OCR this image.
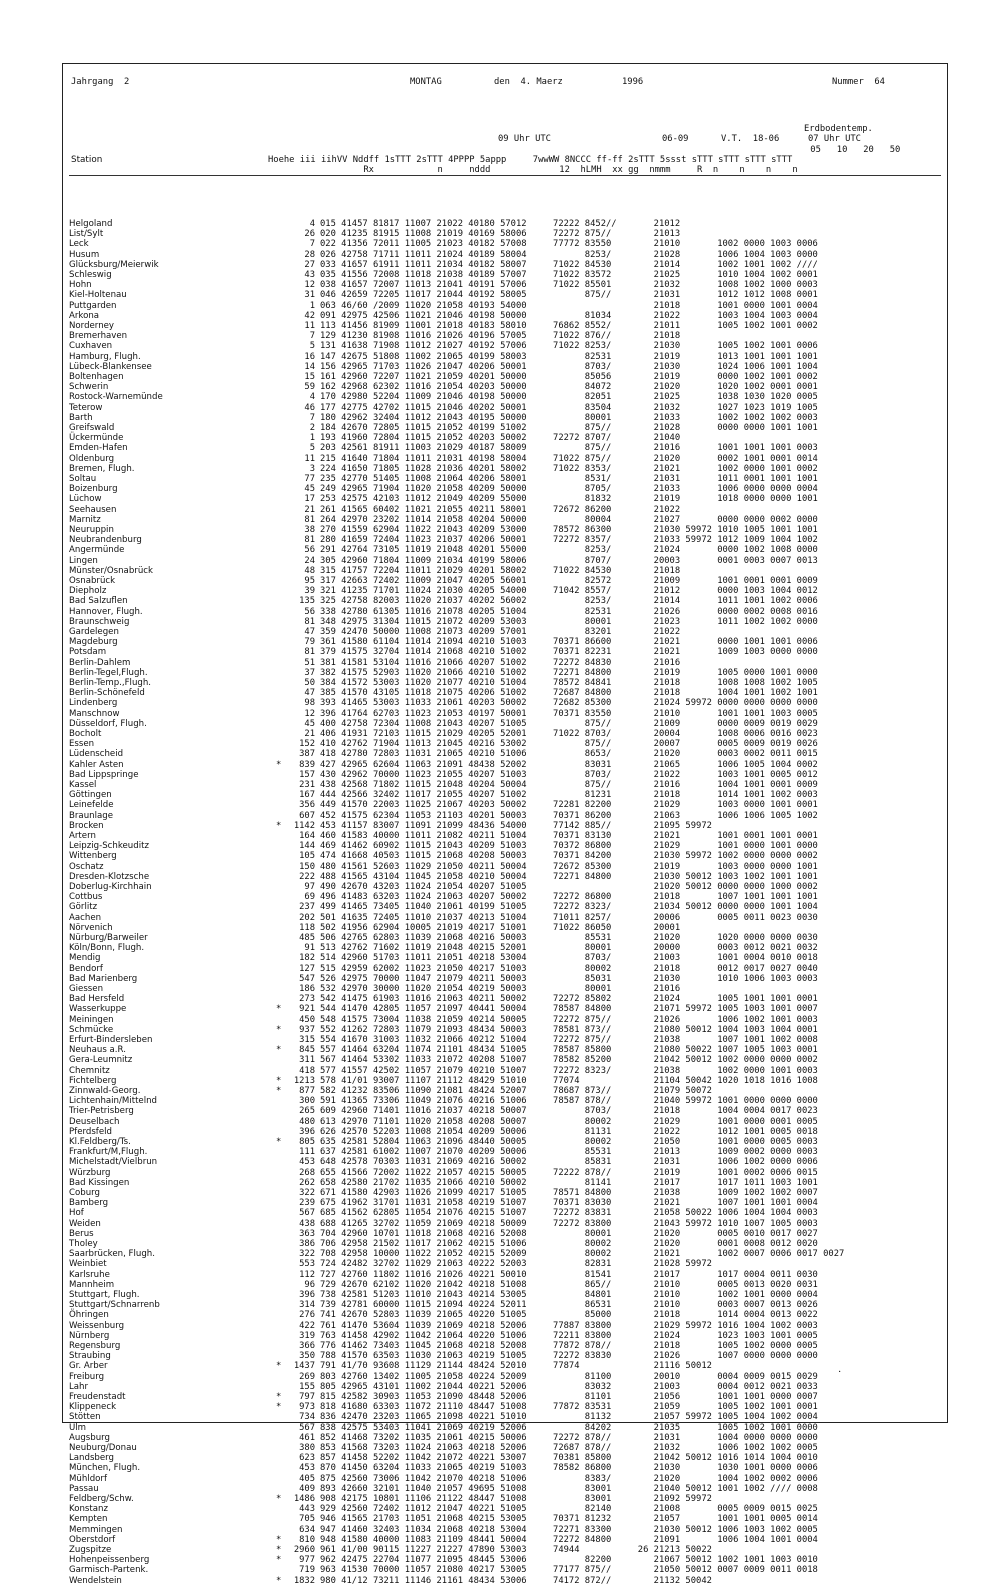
Jahrgang  2	MONTAG	den  4. Maerz	1996	Nummer  64
Erdbodentemp.
09 Uhr UTC	06-09	V.T.  18-06	07 Uhr UTC
05   10   20   50
Station	Hoehe iii iihVV Nddff 1sTTT 2sTTT 4PPPP 5appp     7wwWW 8NCCC ff-ff 2sTTT 5ssst sTTT sTTT sTTT sTTT
Rx            n     nddd             12  hLMH  xx gg  nmmm     R  n    n    n    n
Helgoland	4 015 41457 81817 11007 21022 40180 57012     72222 8452//       21012
List/Sylt	26 020 41235 81915 11008 21019 40169 58006     72272 875//        21013
Leck	7 022 41356 72011 11005 21023 40182 57008     77772 83550        21010       1002 0000 1003 0006
Husum	28 026 42758 71711 11011 21024 40189 58004           8253/        21028       1006 1004 1003 0000
Glücksburg/Meierwik	27 033 41657 61911 11011 21034 40182 58007     71022 84530        21014       1002 1001 1002 ////
Schleswig	43 035 41556 72008 11018 21038 40189 57007     71022 83572        21025       1010 1004 1002 0001
Hohn	12 038 41657 72007 11013 21041 40191 57006     71022 85501        21032       1008 1002 1000 0003
Kiel-Holtenau	31 046 42659 72205 11017 21044 40192 58005           875//        21031       1012 1012 1008 0001
Puttgarden	1 063 46/60 /2009 11020 21058 40193 54000                        21018       1001 0000 1001 0004
Arkona	42 091 42975 42506 11021 21046 40198 50000           81034        21022       1003 1004 1003 0004
Norderney	11 113 41456 81909 11001 21018 40183 58010     76862 8552/        21011       1005 1002 1001 0002
Bremerhaven	7 129 41230 81908 11016 21026 40196 57005     71022 876//        21018
Cuxhaven	5 131 41638 71908 11012 21027 40192 57006     71022 8253/        21030       1005 1002 1001 0006
Hamburg, Flugh.	16 147 42675 51808 11002 21065 40199 58003           82531        21019       1013 1001 1001 1001
Lübeck-Blankensee	14 156 42965 71703 11026 21047 40206 50001           8703/        21030       1024 1006 1001 1004
Boltenhagen	15 161 42960 72207 11021 21059 40201 50000           85056        21019       0000 1002 1001 0002
Schwerin	59 162 42968 62302 11016 21054 40203 50000           84072        21020       1020 1002 0001 0001
Rostock-Warnemünde	4 170 42980 52204 11009 21046 40198 50000           82051        21025       1038 1030 1020 0005
Teterow	46 177 42775 42702 11015 21046 40202 50001           83504        21032       1027 1023 1019 1005
Barth	7 180 42962 32404 11012 21043 40195 50000           80001        21033       1002 1002 1002 0003
Greifswald	2 184 42670 72805 11015 21052 40199 51002           875//        21028       0000 0000 1001 1001
Ückermünde	1 193 41960 72804 11015 21052 40203 50002     72272 8707/        21040
Emden-Hafen	5 203 42561 81911 11003 21029 40187 58009           875//        21016       1001 1001 1001 0003
Oldenburg	11 215 41640 71804 11011 21031 40198 58004     71022 875//        21020       0002 1001 0001 0014
Bremen, Flugh.	3 224 41650 71805 11028 21036 40201 58002     71022 8353/        21021       1002 0000 1001 0002
Soltau	77 235 42770 51405 11008 21064 40206 58001           8531/        21031       1011 0001 1001 1001
Boizenburg	45 249 42965 71904 11020 21058 40209 50000           8705/        21033       1006 0000 0000 0004
Lüchow	17 253 42575 42103 11012 21049 40209 55000           81832        21019       1018 0000 0000 1001
Seehausen	21 261 41565 60402 11021 21055 40211 58001     72672 86200        21022
Marnitz	81 264 42970 23202 11014 21058 40204 50000           80004        21027       0000 0000 0002 0000
Neuruppin	38 270 41559 62904 11022 21043 40209 53000     78572 86300        21030 59972 1010 1005 1001 1001
Neubrandenburg	81 280 41659 72404 11023 21037 40206 50001     72272 8357/        21033 59972 1012 1009 1004 1002
Angermünde	56 291 42764 73105 11019 21048 40201 55000           8253/        21024       0000 1002 1008 0000
Lingen	24 305 42960 71804 11009 21034 40199 58006           8707/        20003       0001 0003 0007 0013
Münster/Osnabrück	48 315 41757 72204 11011 21029 40201 58002     71022 84530        21018
Osnabrück	95 317 42663 72402 11009 21047 40205 56001           82572        21009       1001 0001 0001 0009
Diepholz	39 321 41235 71701 11024 21030 40205 54000     71042 8557/        21012       0000 1003 1004 0012
Bad Salzuflen	135 325 42758 82003 11020 21037 40202 56002           8253/        21014       1011 1001 1002 0006
Hannover, Flugh.	56 338 42780 61305 11016 21078 40205 51004           82531        21026       0000 0002 0008 0016
Braunschweig	81 348 42975 31304 11015 21072 40209 53003           80001        21023       1011 1002 1002 0000
Gardelegen	47 359 42470 50000 11008 21073 40209 57001           83201        21022
Magdeburg	79 361 41580 61104 11014 21094 40210 51003     70371 86600        21021       0000 1001 1001 0006
Potsdam	81 379 41575 32704 11014 21068 40210 51002     70371 82231        21021       1009 1003 0000 0000
Berlin-Dahlem	51 381 41581 53104 11016 21066 40207 51002     72272 84830        21016
Berlin-Tegel,Flugh.	37 382 41575 52903 11020 21066 40210 51002     72271 84800        21019       1005 0000 1001 0000
Berlin-Temp.,Flugh.	50 384 41572 53003 11020 21077 40210 51004     78572 84841        21018       1008 1008 1002 1005
Berlin-Schönefeld	47 385 41570 43105 11018 21075 40206 51002     72687 84800        21018       1004 1001 1002 1001
Lindenberg	98 393 41465 53003 11033 21061 40203 50002     72682 85300        21024 59972 0000 0000 0000 0000
Manschnow	12 396 41764 62703 11023 21053 40197 50001     70371 83550        21010       1001 1001 1003 0005
Düsseldorf, Flugh.	45 400 42758 72304 11008 21043 40207 51005           875//        21009       0000 0009 0019 0029
Bocholt	21 406 41931 72103 11015 21029 40205 52001     71022 8703/        20004       1008 0006 0016 0023
Essen	152 410 42762 71904 11013 21045 40216 53002           875//        20007       0005 0009 0019 0026
Lüdenscheid	387 418 42780 72803 11031 21065 40210 51006           8653/        21020       0003 0002 0011 0015
Kahler Asten	*	839 427 42965 62604 11063 21091 48438 52002           83031        21065       1006 1005 1004 0002
Bad Lippspringe	157 430 42962 70000 11023 21055 40207 51003           8703/        21022       1003 1001 0005 0012
Kassel	231 438 42568 71802 11015 21048 40204 50004           875//        21016       1004 1001 0001 0009
Göttingen	167 444 42566 32402 11017 21055 40207 51002           81231        21018       1014 1001 1002 0003
Leinefelde	356 449 41570 22003 11025 21067 40203 50002     72281 82200        21029       1003 0000 1001 0001
Braunlage	607 452 41575 62304 11053 21103 40201 50003     70371 86200        21063       1006 1006 1005 1002
Brocken	*	1142 453 41157 83007 11091 21099 48436 54000     77142 885//        21095 59972
Artern	164 460 41583 40000 11011 21082 40211 51004     70371 83130        21021       1001 0001 1001 0001
Leipzig-Schkeuditz	144 469 41462 60902 11015 21043 40209 51003     70372 86800        21029       1001 0000 1001 0000
Wittenberg	105 474 41668 40503 11015 21068 40208 50003     70371 84200        21030 59972 1002 0000 0000 0002
Oschatz	150 480 41561 52603 11029 21050 40211 50004     72672 85300        21019       1003 0000 0000 1001
Dresden-Klotzsche	222 488 41565 43104 11045 21058 40210 50004     72271 84800        21030 50012 1003 1002 1001 1001
Doberlug-Kirchhain	97 490 42670 43203 11024 21054 40207 51005                        21020 50012 0000 0000 1000 0002
Cottbus	69 496 41483 63203 11024 21063 40207 50002     72272 86800        21018       1007 1001 1001 1001
Görlitz	237 499 41465 73405 11040 21061 40199 51005     72272 8323/        21034 50012 0000 0000 1001 1004
Aachen	202 501 41635 72405 11010 21037 40213 51004     71011 8257/        20006       0005 0011 0023 0030
Nörvenich	118 502 41956 62904 10005 21019 40217 51001     71022 86050        20001
Nürburg/Barweiler	485 506 42765 62803 11039 21068 40216 50003           85531        21020       1020 0000 0000 0030
Köln/Bonn, Flugh.	91 513 42762 71602 11019 21048 40215 52001           80001        20000       0003 0012 0021 0032
Mendig	182 514 42960 51703 11011 21051 40218 53004           8703/        21003       1001 0004 0010 0018
Bendorf	127 515 42959 62002 11023 21050 40217 51003           80002        21018       0012 0017 0027 0040
Bad Marienberg	547 526 42975 70000 11047 21079 40211 50003           85031        21030       1010 1006 1003 0003
Giessen	186 532 42970 30000 11020 21054 40219 50003           80001        21016
Bad Hersfeld	273 542 41475 61903 11016 21063 40211 50002     72272 85802        21024       1005 1001 1001 0001
Wasserkuppe	*	921 544 41470 42805 11057 21097 40441 50004     78587 84800        21071 59972 1005 1003 1001 0007
Meiningen	450 548 41575 73004 11038 21059 40214 50005     72272 875//        21026       1006 1002 1001 0003
Schmücke	*	937 552 41262 72803 11079 21093 48434 50003     78581 873//        21080 50012 1004 1003 1004 0001
Erfurt-Bindersleben	315 554 41670 31003 11032 21066 40212 51004     72272 875//        21038       1007 1001 1002 0008
Neuhaus a.R.	*	845 557 41464 63204 11074 21101 48434 51005     78587 85800        21080 50022 1007 1005 1003 0001
Gera-Leumnitz	311 567 41464 53302 11033 21072 40208 51007     78582 85200        21042 50012 1002 0000 0000 0002
Chemnitz	418 577 41557 42502 11057 21079 40210 51007     72272 8323/        21038       1002 0000 1001 0003
Fichtelberg	*	1213 578 41/01 93007 11107 21112 48429 51010     77074              21104 50042 1020 1018 1016 1008
Zinnwald-Georg.	*	877 582 41232 83506 11090 21081 48424 52007     78687 873//        21079 50072
Lichtenhain/Mittelnd	300 591 41365 73306 11049 21076 40216 51006     78587 878//        21040 59972 1001 0000 0000 0000
Trier-Petrisberg	265 609 42960 71401 11016 21037 40218 50007           8703/        21018       1004 0004 0017 0023
Deuselbach	480 613 42970 71101 11020 21058 40208 50007           80002        21029       1001 0000 0001 0005
Pferdsfeld	396 626 42570 52203 11008 21054 40209 50006           81131        21022       1012 1001 0005 0018
Kl.Feldberg/Ts.	*	805 635 42581 52804 11063 21096 48440 50005           80002        21050       1001 0000 0005 0003
Frankfurt/M,Flugh.	111 637 42581 61002 11007 21070 40209 50006           85531        21013       1009 0002 0000 0003
Michelstadt/Vielbrun	453 648 42578 70303 11031 21069 40216 50002           85831        21031       1006 1002 0000 0006
Würzburg	268 655 41566 72002 11022 21057 40215 50005     72222 878//        21019       1001 0002 0006 0015
Bad Kissingen	262 658 42580 21702 11035 21066 40210 50002           81141        21017       1017 1011 1003 1001
Coburg	322 671 41580 42903 11026 21099 40217 51005     78571 84800        21038       1009 1002 1002 0007
Bamberg	239 675 41962 31701 11031 21058 40219 51007     70371 83030        21021       1007 1001 1001 0004
Hof	567 685 41562 62805 11054 21076 40215 51007     72272 83831        21058 50022 1006 1004 1004 0003
Weiden	438 688 41265 32702 11059 21069 40218 50009     72272 83800        21043 59972 1010 1007 1005 0003
Berus	363 704 42960 10701 11018 21068 40216 52008           80001        21020       0005 0010 0017 0027
Tholey	386 706 42958 21502 11017 21062 40215 51006           80002        21020       0001 0008 0012 0020
Saarbrücken, Flugh.	322 708 42958 10000 11022 21052 40215 52009           80002        21021       1002 0007 0006 0017 0027
Weinbiet	553 724 42482 32702 11029 21063 40222 52003           82831        21028 59972
Karlsruhe	112 727 42760 11802 11016 21026 40221 50010           81541        21017       1017 0004 0011 0030
Mannheim	96 729 42670 62102 11020 21042 40218 51008           865//        21010       0005 0013 0020 0031
Stuttgart, Flugh.	396 738 42581 51203 11010 21043 40214 53005           84801        21010       1002 1001 0000 0004
Stuttgart/Schnarrenb	314 739 42781 60000 11015 21094 40224 52011           86531        21010       0003 0007 0013 0026
Öhringen	276 741 42670 52803 11039 21065 40220 51005           85000        21018       1014 0004 0013 0022
Weissenburg	422 761 41470 53604 11039 21069 40218 52006     77887 83800        21029 59972 1016 1004 1002 0003
Nürnberg	319 763 41458 42902 11042 21064 40220 51006     72211 83800        21024       1023 1003 1001 0005
Regensburg	366 776 41462 73403 11045 21068 40218 52008     77872 878//        21018       1005 1002 0000 0005
Straubing	350 788 41570 63503 11030 21063 40219 51005     72272 83830        21026       1007 0000 0000 0000
Gr. Arber	*	1437 791 41/70 93608 11129 21144 48424 52010     77874              21116 50012
Freiburg	269 803 42760 13402 11005 21058 40224 52009           81100        20010       0004 0009 0015 0029
Lahr	155 805 42965 43101 11002 21044 40221 52006           83032        21003       0004 0012 0021 0033
Freudenstadt	*	797 815 42582 30903 11053 21090 48448 52006           81101        21056       1001 1001 0000 0007
Klippeneck	*	973 818 41680 63303 11072 21110 48447 51008     77872 83531        21059       1005 1002 1001 0001
Stötten	734 836 42470 23203 11065 21098 40221 51010           81132        21057 59972 1005 1004 1002 0004
Ulm	567 838 42575 53403 11041 21069 40219 52006           84202        21035       1005 1002 1001 0000
Augsburg	461 852 41468 73202 11035 21061 40215 50006     72272 878//        21031       1004 0000 0000 0000
Neuburg/Donau	380 853 41568 73203 11024 21063 40218 52006     72687 878//        21032       1006 1002 1002 0005
Landsberg	623 857 41458 52202 11042 21072 40221 53007     70381 85800        21042 50012 1016 1014 1004 0010
München, Flugh.	453 870 41450 63204 11033 21065 40219 51003     78582 86800        21030       1030 1001 0000 0006
Mühldorf	405 875 42560 73006 11042 21070 40218 51006           8383/        21020       1004 1002 0002 0006
Passau	409 893 42660 32101 11040 21057 49695 51008           83001        21040 50012 1001 1002 //// 0008
Feldberg/Schw.	*	1486 908 42175 10801 11106 21122 48447 51008           83001        21092 59972
Konstanz	443 929 42560 72402 11012 21047 40221 51005           82140        21008       0005 0009 0015 0025
Kempten	705 946 41565 21703 11051 21068 40215 53005     70371 81232        21057       1001 1001 0005 0014
Memmingen	634 947 41460 32403 11034 21068 40218 53004     72271 83300        21030 50012 1006 1003 1002 0005
Oberstdorf	*	810 948 41580 40000 11083 21109 48441 50004     72272 84800        21091       1006 1004 1001 0004
Zugspitze	*	2960 961 41/00 90115 11227 21227 47890 53003     74944           26 21213 50022
Hohenpeissenberg	*	977 962 42475 22704 11077 21095 48445 53006           82200        21067 50012 1002 1001 1003 0010
Garmisch-Partenk.	719 963 41530 70000 11057 21080 40217 53005     77177 875//        21050 50012 0007 0009 0011 0018
Wendelstein	*	1832 980 41/12 73211 11146 21161 48434 53006     74172 872//        21132 50042
·
